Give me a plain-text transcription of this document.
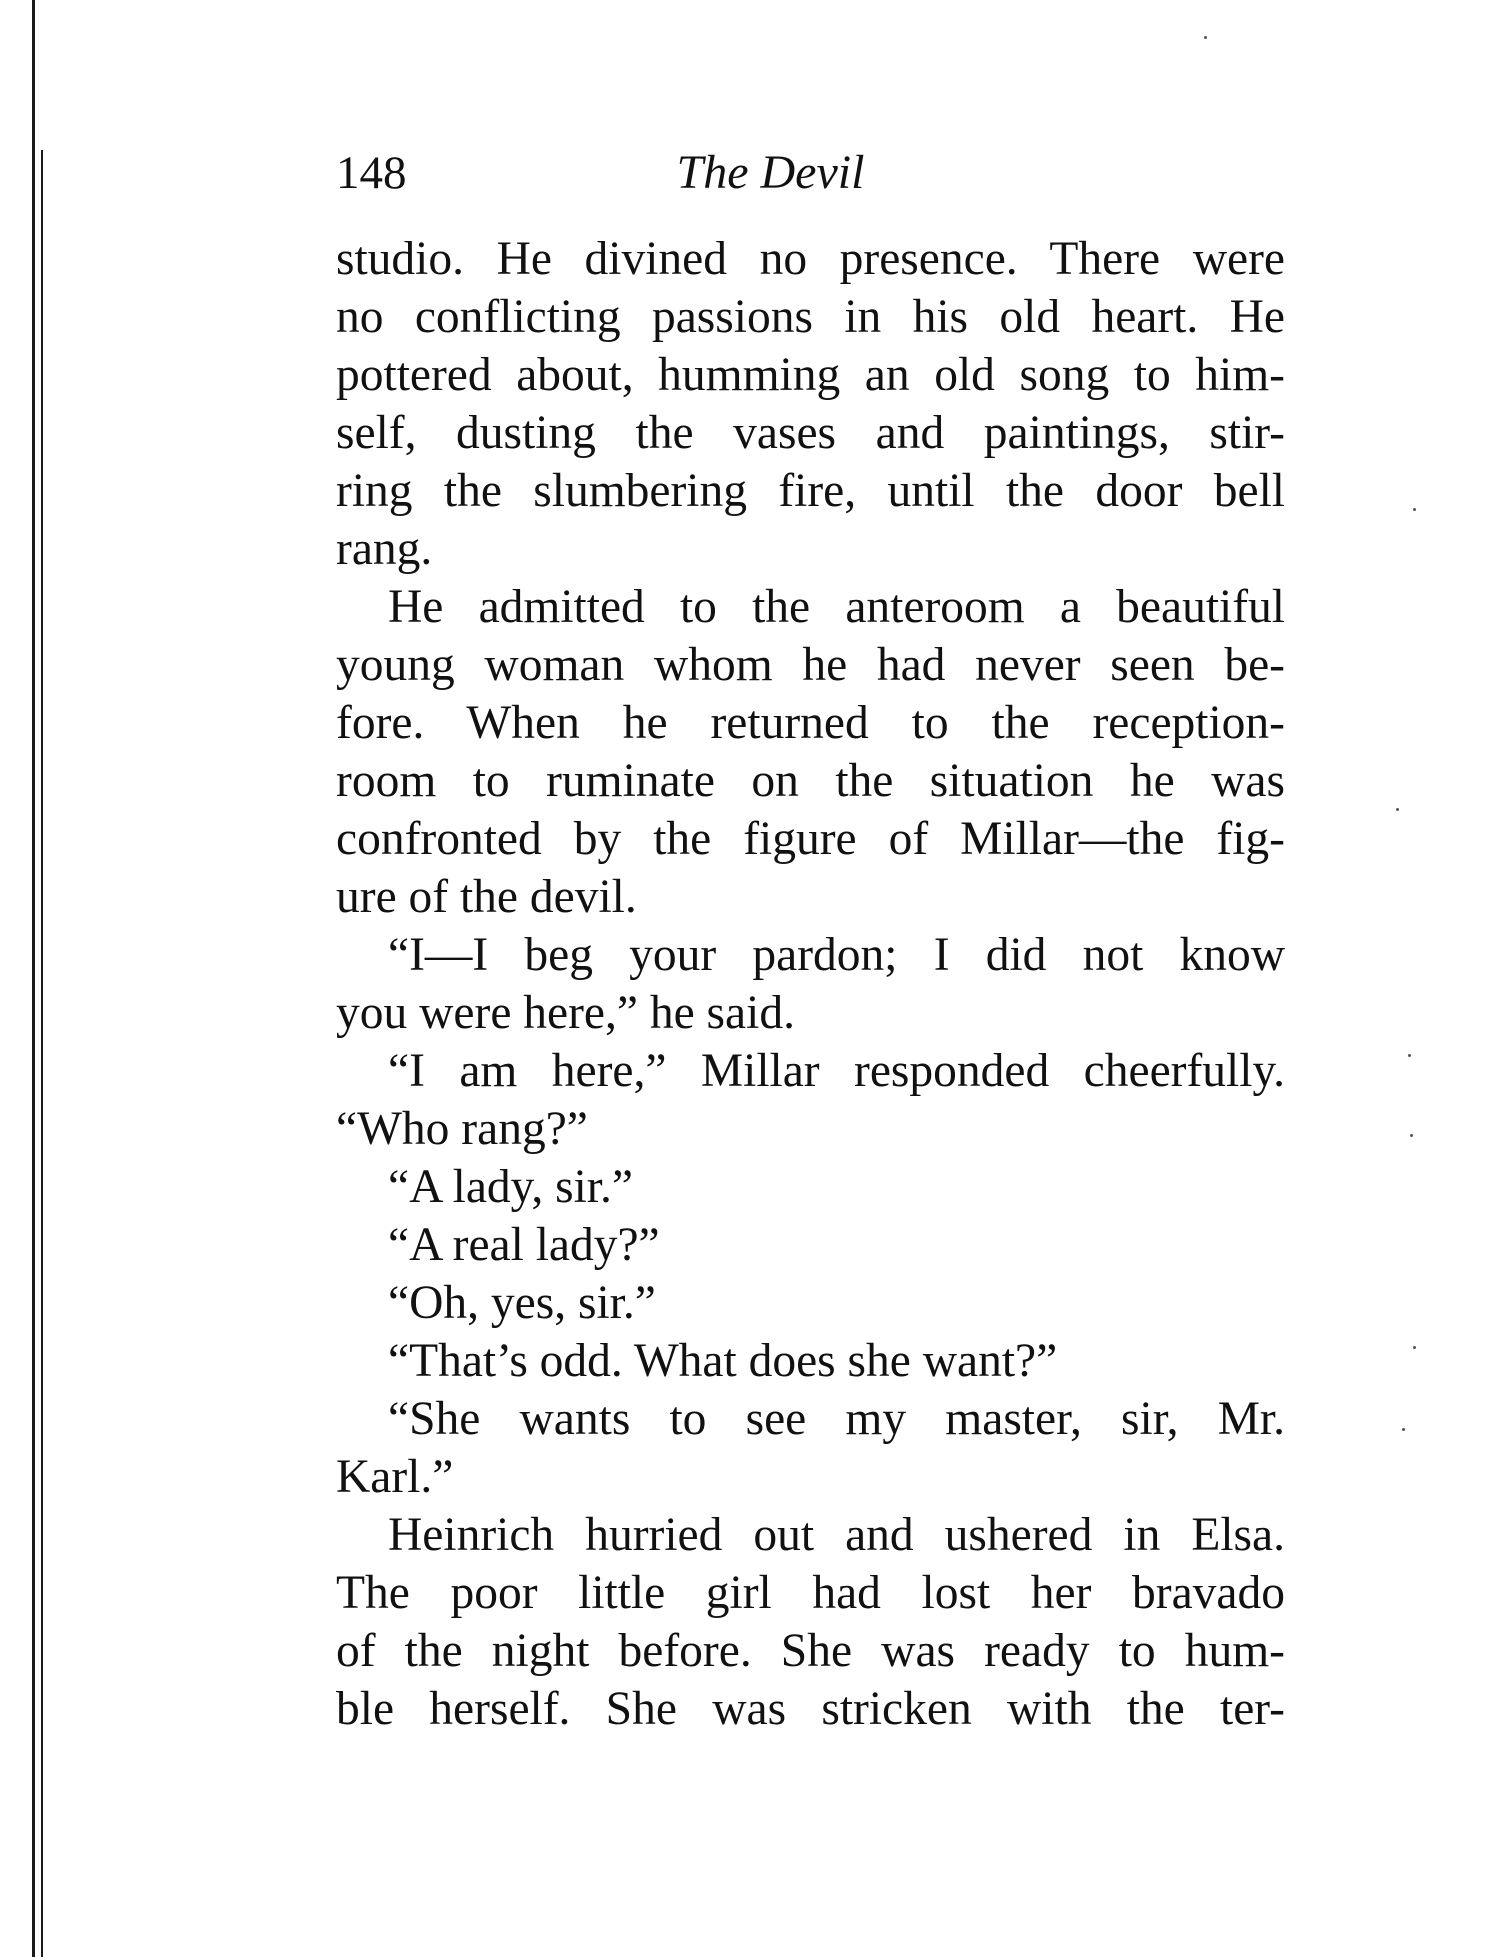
148	The Devil
studio. He divined no presence. There were
no conflicting passions in his old heart. He
pottered about, humming an old song to him-
self, dusting the vases and paintings, stir-
ring the slumbering fire, until the door bell
rang.
He admitted to the anteroom a beautiful
young woman whom he had never seen be-
fore. When he returned to the reception-
room to ruminate on the situation he was
confronted by the figure of Millar—the fig-
ure of the devil.
“I—I beg your pardon; I did not know
you were here,” he said.
“I am here,” Millar responded cheerfully.
“Who rang?”
“A lady, sir.”
“A real lady?”
“Oh, yes, sir.”
“That’s odd. What does she want?”
“She wants to see my master, sir, Mr.
Karl.”
Heinrich hurried out and ushered in Elsa.
The poor little girl had lost her bravado
of the night before. She was ready to hum-
ble herself. She was stricken with the ter-
